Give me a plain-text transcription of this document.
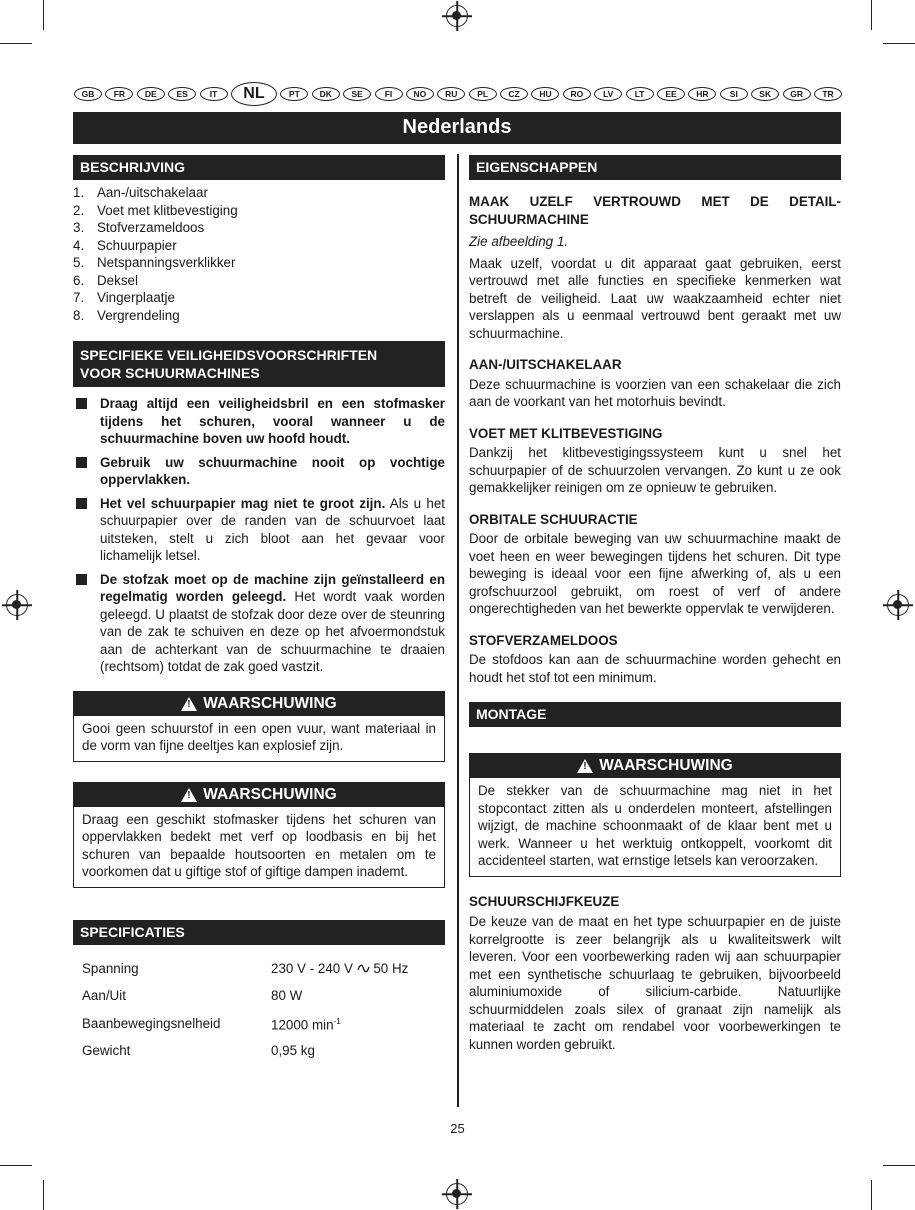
GB	FR	DE	ES	IT	NL	PT	DK	SE	FI	NO	RU	PL	CZ	HU	RO	LV	LT	EE	HR	SI	SK	GR	TR
Nederlands
BESCHRIJVING
1. Aan-/uitschakelaar
2. Voet met klitbevestiging
3. Stofverzameldoos
4. Schuurpapier
5. Netspanningsverklikker
6. Deksel
7. Vingerplaatje
8. Vergrendeling
SPECIFIEKE VEILIGHEIDSVOORSCHRIFTEN
VOOR SCHUURMACHINES
Draag altijd een veiligheidsbril en een stofmasker tijdens het schuren, vooral wanneer u de schuurmachine boven uw hoofd houdt.
Gebruik uw schuurmachine nooit op vochtige oppervlakken.
Het vel schuurpapier mag niet te groot zijn. Als u het schuurpapier over de randen van de schuurvoet laat uitsteken, stelt u zich bloot aan het gevaar voor lichamelijk letsel.
De stofzak moet op de machine zijn geïnstalleerd en regelmatig worden geleegd. Het wordt vaak worden geleegd. U plaatst de stofzak door deze over de steunring van de zak te schuiven en deze op het afvoermondstuk aan de achterkant van de schuurmachine te draaien (rechtsom) totdat de zak goed vastzit.
! WAARSCHUWING
Gooi geen schuurstof in een open vuur, want materiaal in de vorm van fijne deeltjes kan explosief zijn.
! WAARSCHUWING
Draag een geschikt stofmasker tijdens het schuren van oppervlakken bedekt met verf op loodbasis en bij het schuren van bepaalde houtsoorten en metalen om te voorkomen dat u giftige stof of giftige dampen inademt.
SPECIFICATIES
Spanning	230 V - 240 V 50 Hz
Aan/Uit	80 W
Baanbewegingsnelheid	12000 $\min^{-1}$
Gewicht	0,95 kg
EIGENSCHAPPEN
MAAK UZELF VERTROUWD MET DE DETAIL-SCHUURMACHINE

Zie afbeelding 1.

Maak uzelf, voordat u dit apparaat gaat gebruiken, eerst vertrouwd met alle functies en specifieke kenmerken wat betreft de veiligheid. Laat uw waakzaamheid echter niet verslappen als u eenmaal vertrouwd bent geraakt met uw schuurmachine.

AAN-/UITSCHAKELAAR

Deze schuurmachine is voorzien van een schakelaar die zich aan de voorkant van het motorhuis bevindt.

VOET MET KLITBEVESTIGING

Dankzij het klitbevestigingssysteem kunt u snel het schuurpapier of de schuurzolen vervangen. Zo kunt u ze ook gemakkelijker reinigen om ze opnieuw te gebruiken.

ORBITALE SCHUURACTIE

Door de orbitale beweging van uw schuurmachine maakt de voet heen en weer bewegingen tijdens het schuren. Dit type beweging is ideaal voor een fijne afwerking of, als u een grofschuurzool gebruikt, om roest of verf of andere ongerechtigheden van het bewerkte oppervlak te verwijderen.

STOFVERZAMELDOOS

De stofdoos kan aan de schuurmachine worden gehecht en houdt het stof tot een minimum.

MONTAGE
! WAARSCHUWING
De stekker van de schuurmachine mag niet in het stopcontact zitten als u onderdelen monteert, afstellingen wijzigt, de machine schoonmaakt of de klaar bent met u werk. Wanneer u het werktuig ontkoppelt, voorkomt dit accidenteel starten, wat ernstige letsels kan veroorzaken.
SCHUURSCHIJFKEUZE

De keuze van de maat en het type schuurpapier en de juiste korrelgrootte is zeer belangrijk als u kwaliteitswerk wilt leveren. Voor een voorbewerking raden wij aan schuurpapier met een synthetische schuurlaag te gebruiken, bijvoorbeeld aluminiumoxide of silicium-carbide. Natuurlijke schuurmiddelen zoals silex of granaat zijn namelijk als materiaal te zacht om rendabel voor voorbewerkingen te kunnen worden gebruikt.

25
